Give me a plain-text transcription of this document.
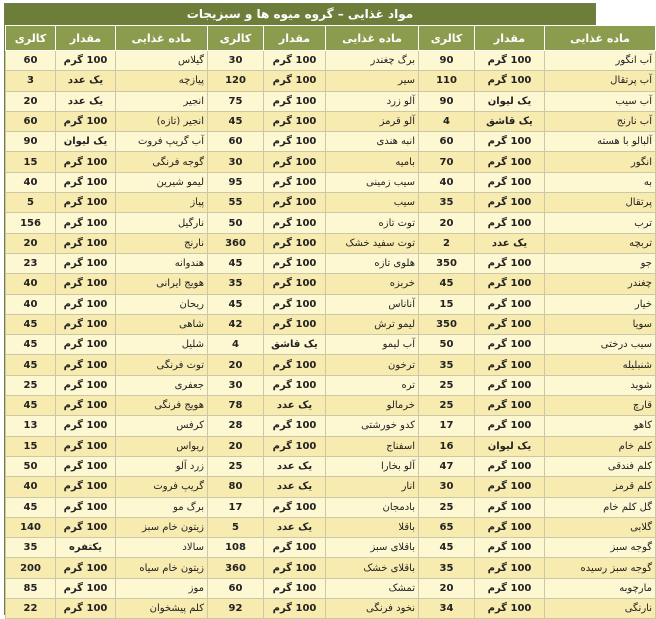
مواد غذایی – گروه میوه ها و سبزیجات
ماده غذایی	مقدار	کالری	ماده غذایی	مقدار	کالری	ماده غذایی	مقدار	کالری
آب انگور	100 گرم	90	برگ چغندر	100 گرم	30	گیلاس	100 گرم	60
آب پرتقال	100 گرم	110	سیر	100 گرم	120	پیازچه	یک عدد	3
آب سیب	یک لیوان	90	آلو زرد	100 گرم	75	انجیر	یک عدد	20
آب نارنج	یک قاشق	4	آلو قرمز	100 گرم	45	انجیر (تازه)	100 گرم	60
آلبالو با هسته	100 گرم	60	انبه هندی	100 گرم	60	آب گریپ فروت	یک لیوان	90
انگور	100 گرم	70	بامیه	100 گرم	30	گوجه فرنگی	100 گرم	15
به	100 گرم	40	سیب زمینی	100 گرم	95	لیمو شیرین	100 گرم	40
پرتقال	100 گرم	35	سیب	100 گرم	55	پیاز	100 گرم	5
ترب	100 گرم	20	توت تازه	100 گرم	50	نارگیل	100 گرم	156
تربچه	یک عدد	2	توت سفید خشک	100 گرم	360	نارنج	100 گرم	20
جو	100 گرم	350	هلوی تازه	100 گرم	45	هندوانه	100 گرم	23
چغندر	100 گرم	45	خربزه	100 گرم	35	هویج ایرانی	100 گرم	40
خیار	100 گرم	15	آناناس	100 گرم	45	ریحان	100 گرم	40
سویا	100 گرم	350	لیمو ترش	100 گرم	42	شاهی	100 گرم	45
سیب درختی	100 گرم	50	آب لیمو	یک قاشق	4	شلیل	100 گرم	45
شنبلیله	100 گرم	35	ترخون	100 گرم	20	توت فرنگی	100 گرم	45
شوید	100 گرم	25	تره	100 گرم	30	جعفری	100 گرم	25
قارچ	100 گرم	25	خرمالو	یک عدد	78	هویج فرنگی	100 گرم	45
کاهو	100 گرم	17	کدو خورشتی	100 گرم	28	کرفس	100 گرم	13
کلم خام	یک لیوان	16	اسفناج	100 گرم	20	ریواس	100 گرم	15
کلم فندقی	100 گرم	47	آلو بخارا	یک عدد	25	زرد آلو	100 گرم	50
کلم قرمز	100 گرم	30	انار	یک عدد	80	گریپ فروت	100 گرم	40
گل کلم خام	100 گرم	25	بادمجان	100 گرم	17	برگ مو	100 گرم	45
گلابی	100 گرم	65	باقلا	یک عدد	5	زیتون خام سبز	100 گرم	140
گوجه سبز	100 گرم	45	باقلای سبز	100 گرم	108	سالاد	یکتفره	35
گوجه سبز رسیده	100 گرم	35	باقلای خشک	100 گرم	360	زیتون خام سیاه	100 گرم	200
مارچوبه	100 گرم	20	تمشک	100 گرم	60	موز	100 گرم	85
نارنگی	100 گرم	34	نخود فرنگی	100 گرم	92	کلم پیشخوان	100 گرم	22
